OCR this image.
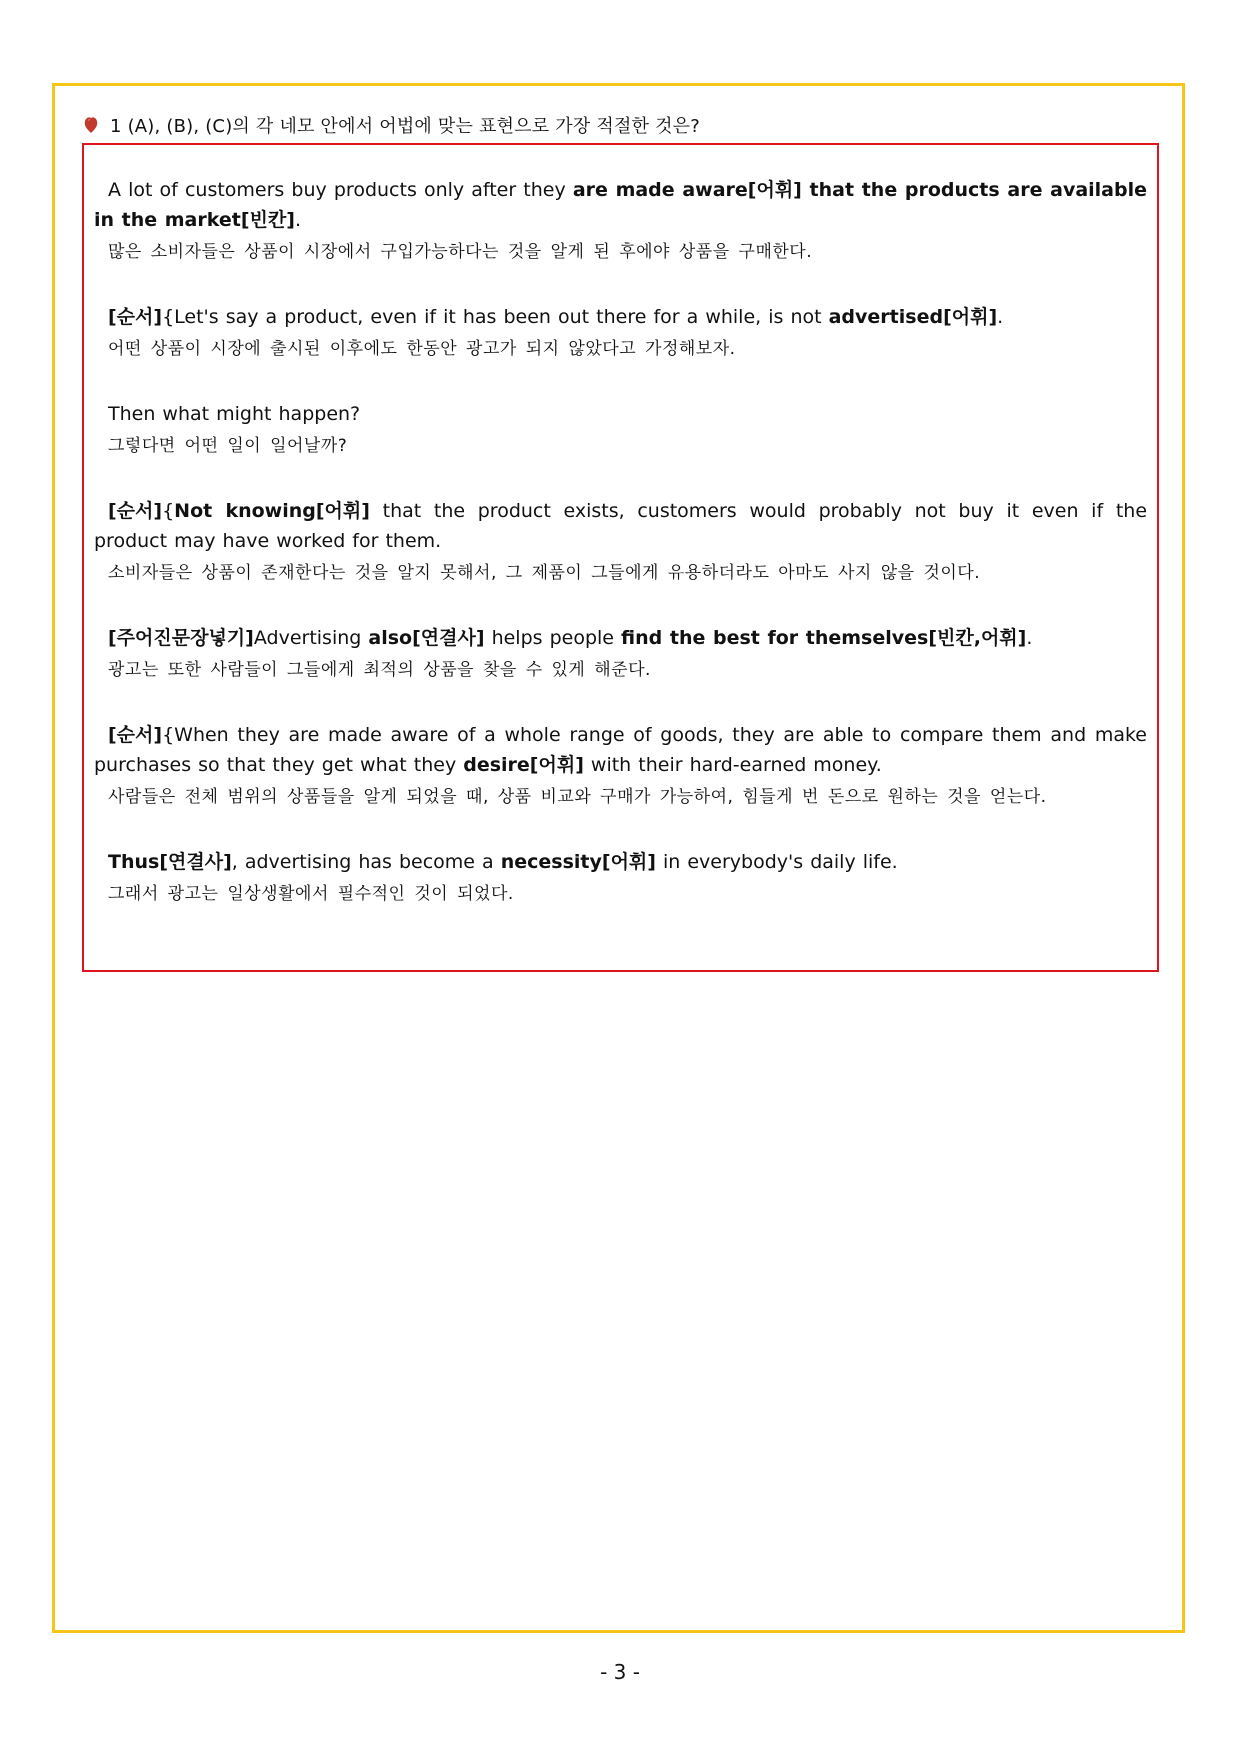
1 (A), (B), (C)의 각 네모 안에서 어법에 맞는 표현으로 가장 적절한 것은?
A lot of customers buy products only after they are made aware[어휘] that the products are available in the market[빈칸].
많은 소비자들은 상품이 시장에서 구입가능하다는 것을 알게 된 후에야 상품을 구매한다.
[순서]{Let's say a product, even if it has been out there for a while, is not advertised[어휘].
어떤 상품이 시장에 출시된 이후에도 한동안 광고가 되지 않았다고 가정해보자.
Then what might happen?
그렇다면 어떤 일이 일어날까?
[순서]{Not knowing[어휘] that the product exists, customers would probably not buy it even if the product may have worked for them.
소비자들은 상품이 존재한다는 것을 알지 못해서, 그 제품이 그들에게 유용하더라도 아마도 사지 않을 것이다.
[주어진문장넣기]Advertising also[연결사] helps people find the best for themselves[빈칸,어휘].
광고는 또한 사람들이 그들에게 최적의 상품을 찾을 수 있게 해준다.
[순서]{When they are made aware of a whole range of goods, they are able to compare them and make purchases so that they get what they desire[어휘] with their hard-earned money.
사람들은 전체 범위의 상품들을 알게 되었을 때, 상품 비교와 구매가 가능하여, 힘들게 번 돈으로 원하는 것을 얻는다.
Thus[연결사], advertising has become a necessity[어휘] in everybody's daily life.
그래서 광고는 일상생활에서 필수적인 것이 되었다.
- 3 -
